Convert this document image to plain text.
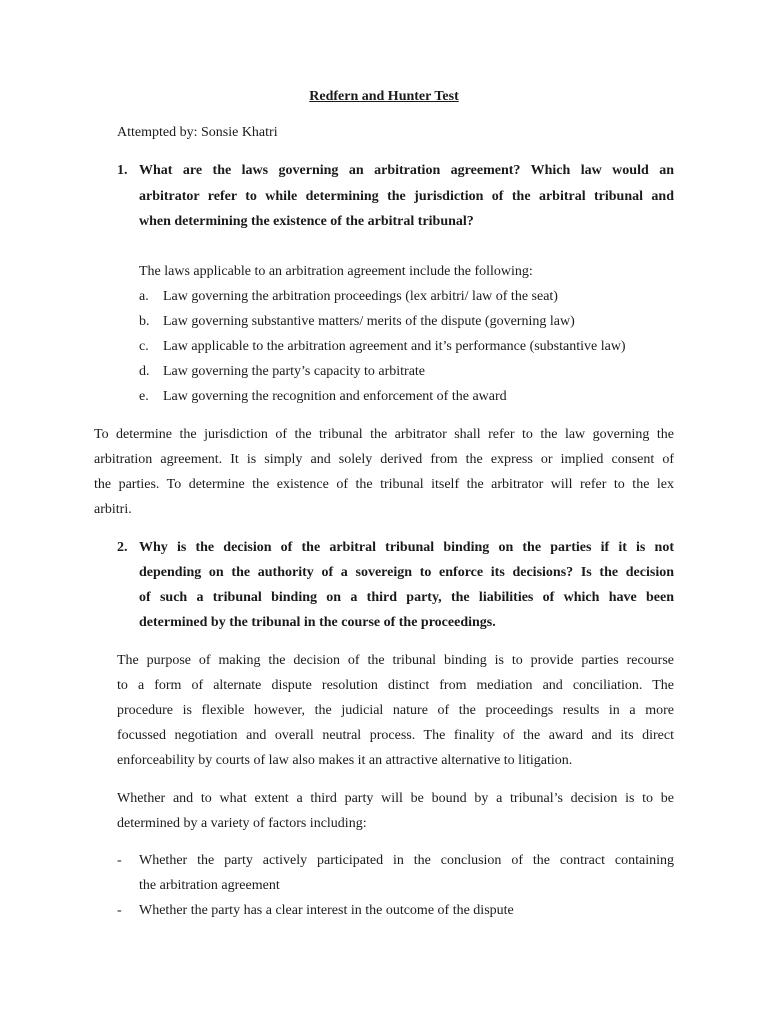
Redfern and Hunter Test
Attempted by: Sonsie Khatri
1. What are the laws governing an arbitration agreement? Which law would an
arbitrator refer to while determining the jurisdiction of the arbitral tribunal and
when determining the existence of the arbitral tribunal?
The laws applicable to an arbitration agreement include the following:
a. Law governing the arbitration proceedings (lex arbitri/ law of the seat)
b. Law governing substantive matters/ merits of the dispute (governing law)
c. Law applicable to the arbitration agreement and it’s performance (substantive law)
d. Law governing the party’s capacity to arbitrate
e. Law governing the recognition and enforcement of the award
To determine the jurisdiction of the tribunal the arbitrator shall refer to the law governing the
arbitration agreement. It is simply and solely derived from the express or implied consent of
the parties. To determine the existence of the tribunal itself the arbitrator will refer to the lex
arbitri.
2. Why is the decision of the arbitral tribunal binding on the parties if it is not
depending on the authority of a sovereign to enforce its decisions? Is the decision
of such a tribunal binding on a third party, the liabilities of which have been
determined by the tribunal in the course of the proceedings.
The purpose of making the decision of the tribunal binding is to provide parties recourse
to a form of alternate dispute resolution distinct from mediation and conciliation. The
procedure is flexible however, the judicial nature of the proceedings results in a more
focussed negotiation and overall neutral process. The finality of the award and its direct
enforceability by courts of law also makes it an attractive alternative to litigation.
Whether and to what extent a third party will be bound by a tribunal’s decision is to be
determined by a variety of factors including:
- Whether the party actively participated in the conclusion of the contract containing
the arbitration agreement
- Whether the party has a clear interest in the outcome of the dispute
